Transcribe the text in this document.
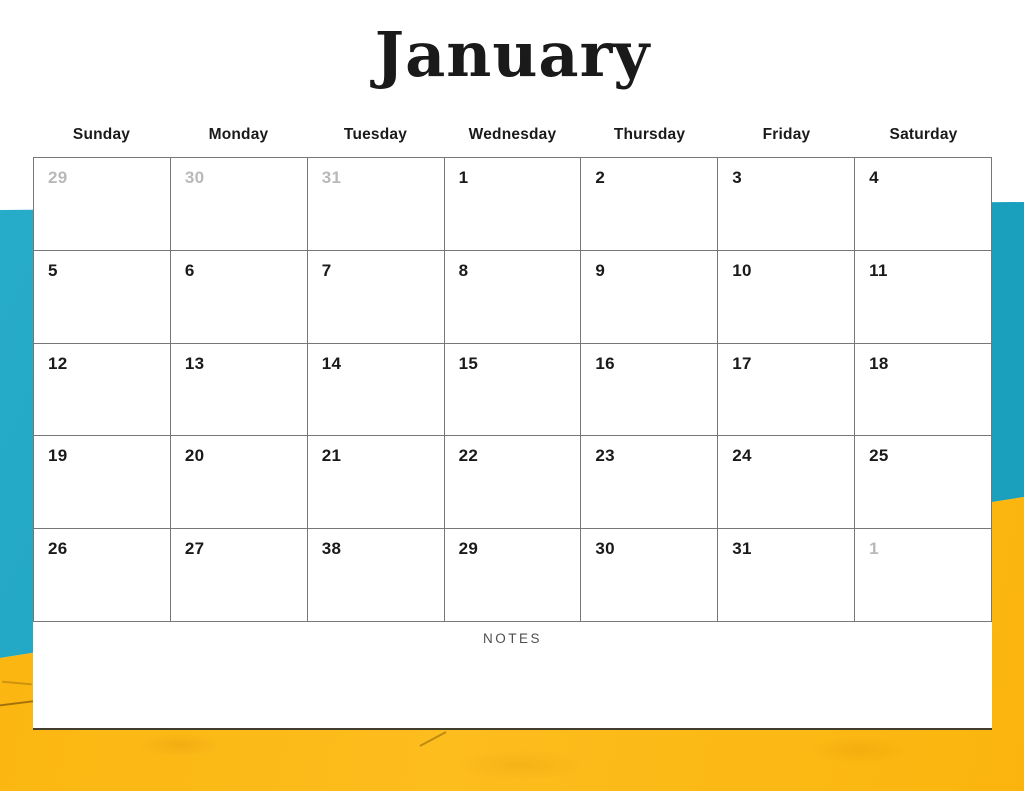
January
Sunday	Monday	Tuesday	Wednesday	Thursday	Friday	Saturday
29	30	31	1	2	3	4
5	6	7	8	9	10	11
12	13	14	15	16	17	18
19	20	21	22	23	24	25
26	27	38	29	30	31	1
NOTES
